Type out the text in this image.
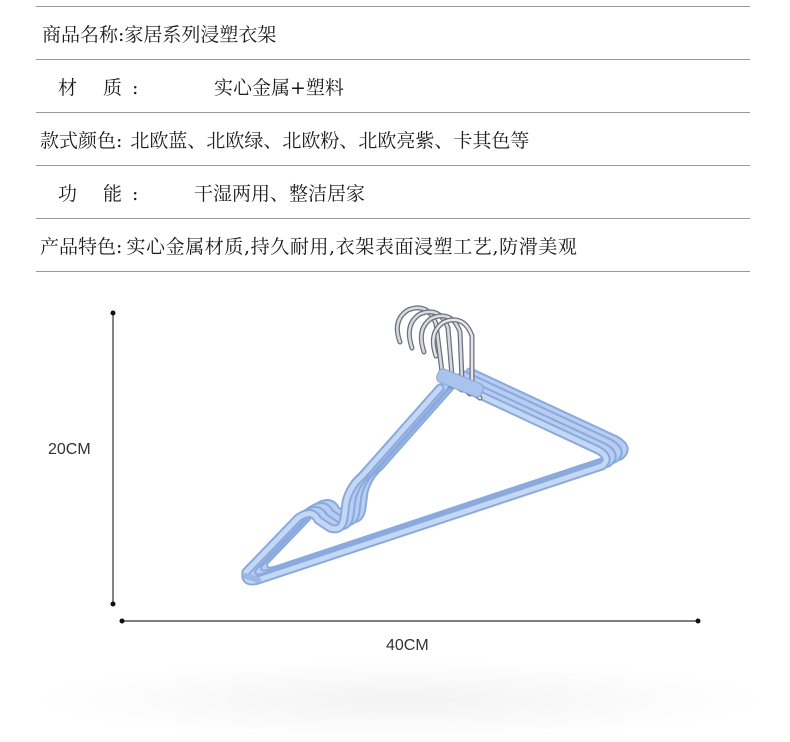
商品名称: 家居系列浸塑衣架
材 质:	实心金属+塑料
款式颜色: 北欧蓝、北欧绿、北欧粉、北欧亮紫、卡其色等
功 能:	干湿两用、整洁居家
产品特色: 实心金属材质,持久耐用,衣架表面浸塑工艺,防滑美观
20CM
40CM
